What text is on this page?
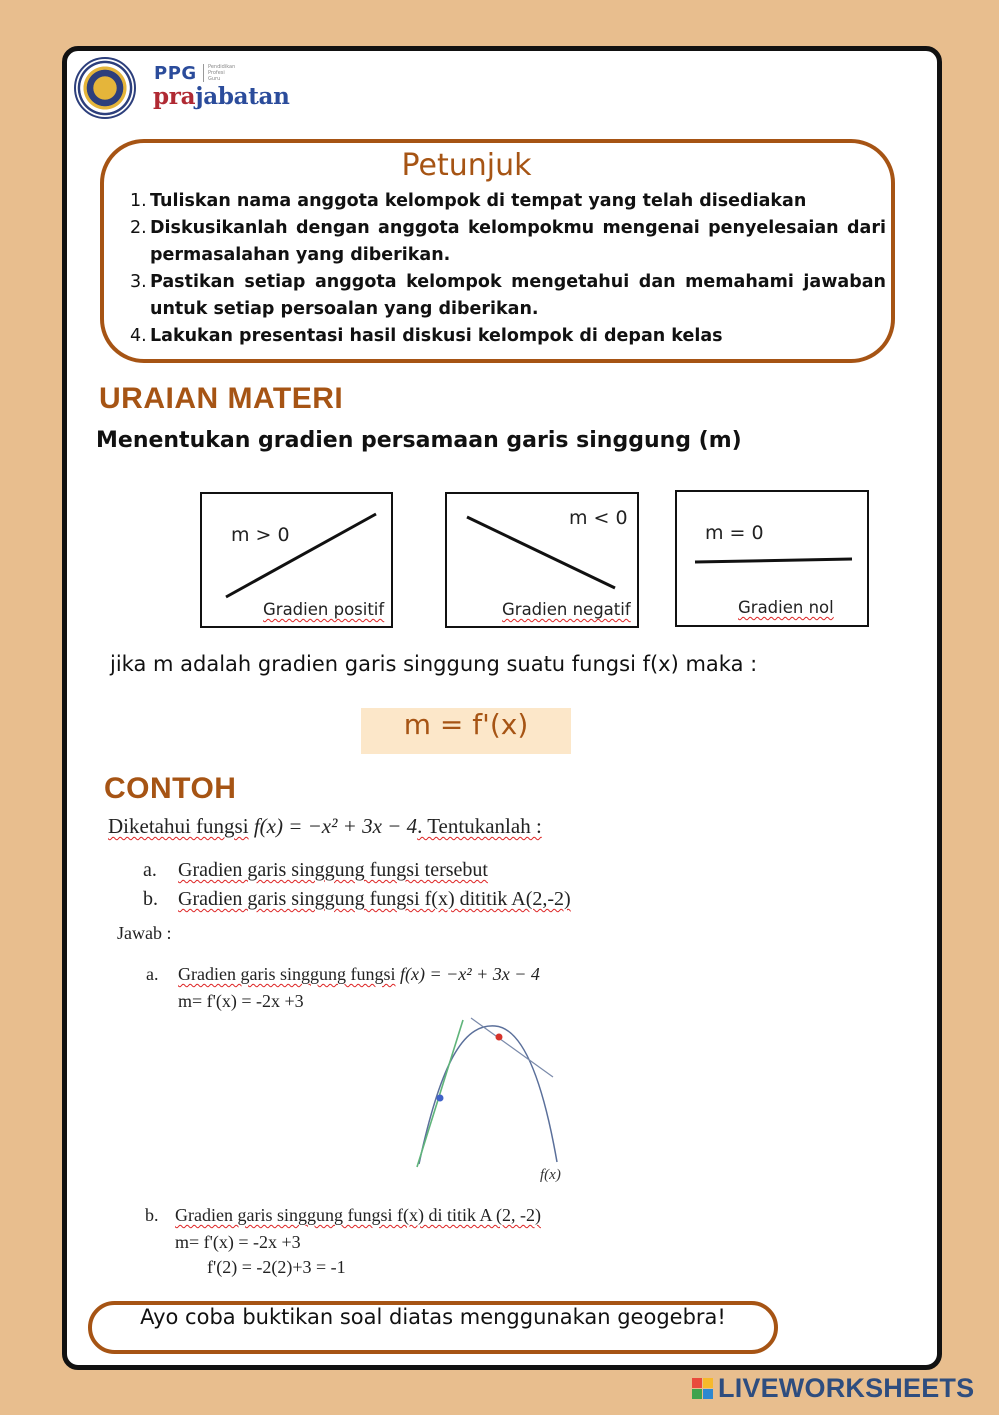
PPG Pendidikan
Profesi
Guru
prajabatan
Petunjuk
1. Tuliskan nama anggota kelompok di tempat yang telah disediakan
2. Diskusikanlah dengan anggota kelompokmu mengenai penyelesaian dari permasalahan yang diberikan.
3. Pastikan setiap anggota kelompok mengetahui dan memahami jawaban untuk setiap persoalan yang diberikan.
4. Lakukan presentasi hasil diskusi kelompok di depan kelas
URAIAN MATERI
Menentukan gradien persamaan garis singgung (m)
m > 0
Gradien positif
m < 0
Gradien negatif
m = 0
Gradien nol
jika m adalah gradien garis singgung suatu fungsi f(x) maka :
m = f'(x)
CONTOH
Diketahui fungsi f(x) = −x² + 3x − 4. Tentukanlah :
a. Gradien garis singgung fungsi tersebut
b. Gradien garis singgung fungsi f(x) dititik A(2,-2)
Jawab :
a. Gradien garis singgung fungsi f(x) = −x² + 3x − 4
m= f'(x) = -2x +3
f(x)
b. Gradien garis singgung fungsi f(x) di titik A (2, -2)
m= f'(x) = -2x +3
f'(2) = -2(2)+3 = -1
Ayo coba buktikan soal diatas menggunakan geogebra!
LIVEWORKSHEETS
